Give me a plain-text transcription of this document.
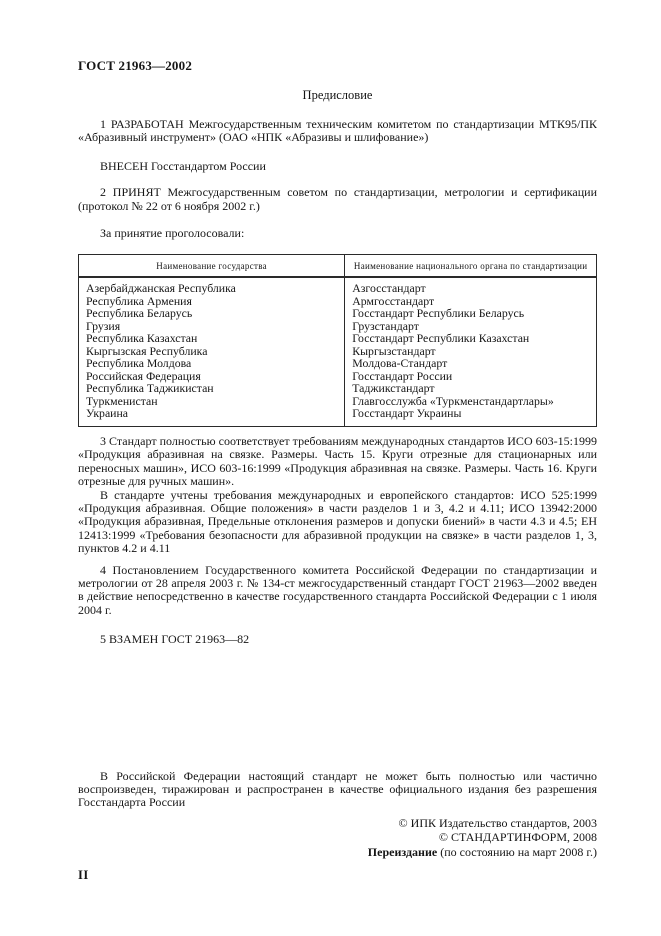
ГОСТ 21963—2002
Предисловие
1 РАЗРАБОТАН Межгосударственным техническим комитетом по стандартизации МТК95/ПК «Абразивный инструмент» (ОАО «НПК «Абразивы и шлифование»)
ВНЕСЕН Госстандартом России
2 ПРИНЯТ Межгосударственным советом по стандартизации, метрологии и сертификации (протокол № 22 от 6 ноября 2002 г.)
За принятие проголосовали:
Наименование государства	Наименование национального органа по стандартизации
Азербайджанская Республика
Республика Армения
Республика Беларусь
Грузия
Республика Казахстан
Кыргызская Республика
Республика Молдова
Российская Федерация
Республика Таджикистан
Туркменистан
Украина
Азгосстандарт
Армгосстандарт
Госстандарт Республики Беларусь
Грузстандарт
Госстандарт Республики Казахстан
Кыргызстандарт
Молдова-Стандарт
Госстандарт России
Таджикстандарт
Главгосслужба «Туркменстандартлары»
Госстандарт Украины
3 Стандарт полностью соответствует требованиям международных стандартов ИСО 603-15:1999 «Продукция абразивная на связке. Размеры. Часть 15. Круги отрезные для стационарных или переносных машин», ИСО 603-16:1999 «Продукция абразивная на связке. Размеры. Часть 16. Круги отрезные для ручных машин».
В стандарте учтены требования международных и европейского стандартов: ИСО 525:1999 «Продукция абразивная. Общие положения» в части разделов 1 и 3, 4.2 и 4.11; ИСО 13942:2000 «Продукция абразивная, Предельные отклонения размеров и допуски биений» в части 4.3 и 4.5; ЕН 12413:1999 «Требования безопасности для абразивной продукции на связке» в части разделов 1, 3, пунктов 4.2 и 4.11
4 Постановлением Государственного комитета Российской Федерации по стандартизации и метрологии от 28 апреля 2003 г. № 134-ст межгосударственный стандарт ГОСТ 21963—2002 введен в действие непосредственно в качестве государственного стандарта Российской Федерации с 1 июля 2004 г.
5 ВЗАМЕН ГОСТ 21963—82
В Российской Федерации настоящий стандарт не может быть полностью или частично воспроизведен, тиражирован и распространен в качестве официального издания без разрешения Госстандарта России
© ИПК Издательство стандартов, 2003
© СТАНДАРТИНФОРМ, 2008
Переиздание (по состоянию на март 2008 г.)
II
